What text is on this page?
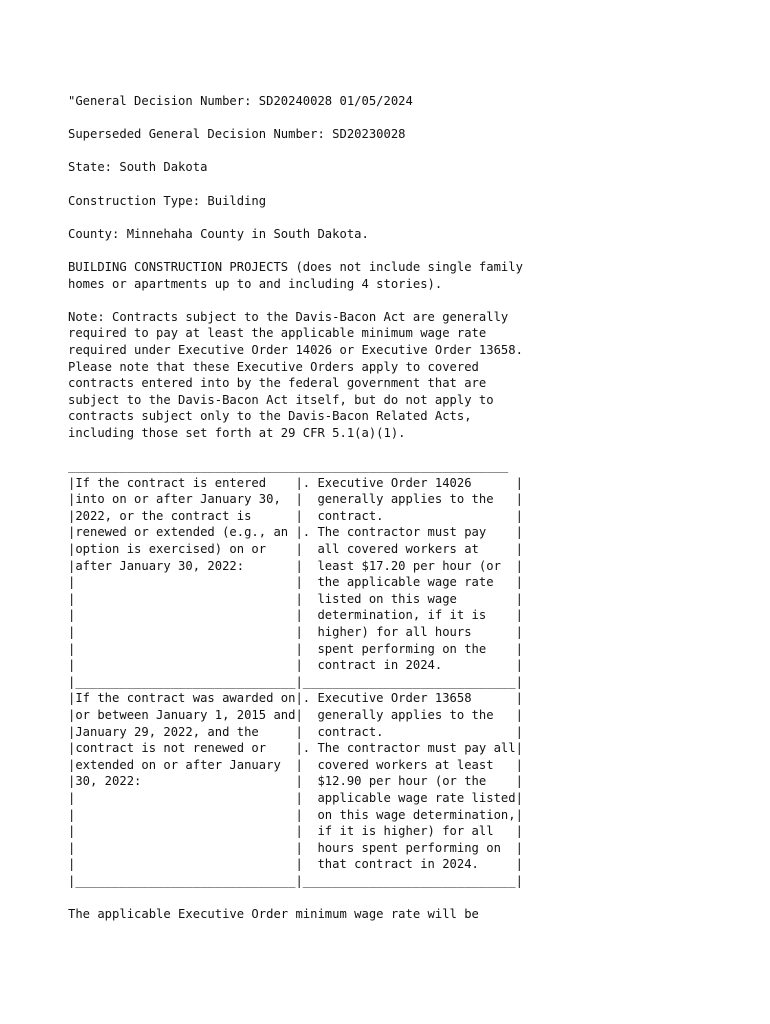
"General Decision Number: SD20240028 01/05/2024
Superseded General Decision Number: SD20230028
State: South Dakota
Construction Type: Building
County: Minnehaha County in South Dakota.
BUILDING CONSTRUCTION PROJECTS (does not include single family
homes or apartments up to and including 4 stories).
Note: Contracts subject to the Davis-Bacon Act are generally
required to pay at least the applicable minimum wage rate
required under Executive Order 14026 or Executive Order 13658.
Please note that these Executive Orders apply to covered
contracts entered into by the federal government that are
subject to the Davis-Bacon Act itself, but do not apply to
contracts subject only to the Davis-Bacon Related Acts,
including those set forth at 29 CFR 5.1(a)(1).
____________________________________________________________
|If the contract is entered    |. Executive Order 14026      |
|into on or after January 30,  |  generally applies to the   |
|2022, or the contract is      |  contract.                  |
|renewed or extended (e.g., an |. The contractor must pay    |
|option is exercised) on or    |  all covered workers at     |
|after January 30, 2022:       |  least $17.20 per hour (or  |
|                              |  the applicable wage rate   |
|                              |  listed on this wage        |
|                              |  determination, if it is    |
|                              |  higher) for all hours      |
|                              |  spent performing on the    |
|                              |  contract in 2024.          |
|______________________________|_____________________________|
|If the contract was awarded on|. Executive Order 13658      |
|or between January 1, 2015 and|  generally applies to the   |
|January 29, 2022, and the     |  contract.                  |
|contract is not renewed or    |. The contractor must pay all|
|extended on or after January  |  covered workers at least   |
|30, 2022:                     |  $12.90 per hour (or the    |
|                              |  applicable wage rate listed|
|                              |  on this wage determination,|
|                              |  if it is higher) for all   |
|                              |  hours spent performing on  |
|                              |  that contract in 2024.     |
|______________________________|_____________________________|
The applicable Executive Order minimum wage rate will be
